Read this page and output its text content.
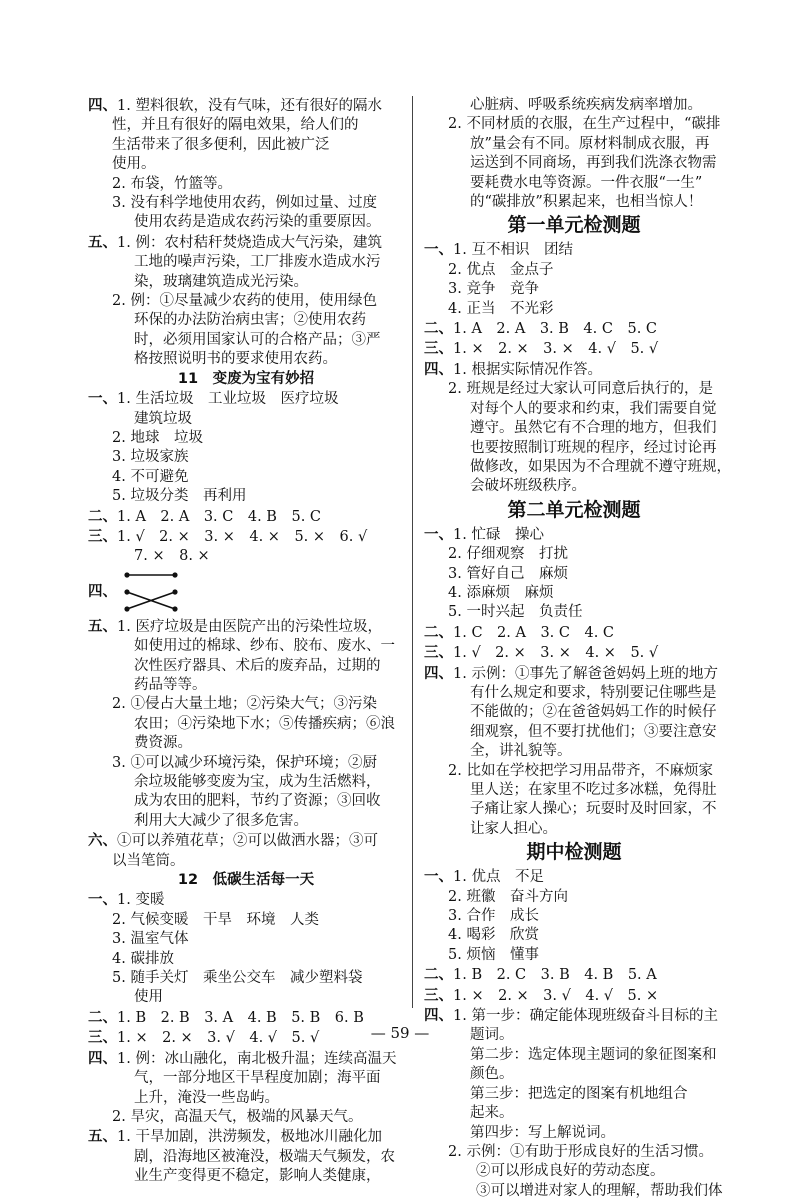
四、1. 塑料很软，没有气味，还有很好的隔水
性，并且有很好的隔电效果，给人们的
生活带来了很多便利，因此被广泛
使用。
2. 布袋，竹篮等。
3. 没有科学地使用农药，例如过量、过度
使用农药是造成农药污染的重要原因。
五、1. 例：农村秸秆焚烧造成大气污染，建筑
工地的噪声污染，工厂排废水造成水污
染，玻璃建筑造成光污染。
2. 例：①尽量减少农药的使用，使用绿色
环保的办法防治病虫害；②使用农药
时，必须用国家认可的合格产品；③严
格按照说明书的要求使用农药。
11　变废为宝有妙招
一、1. 生活垃圾　工业垃圾　医疗垃圾
建筑垃圾
2. 地球　垃圾
3. 垃圾家族
4. 不可避免
5. 垃圾分类　再利用
二、1. A　2. A　3. C　4. B　5. C
三、1. √　2. ×　3. ×　4. ×　5. ×　6. √
7. ×　8. ×
四、
五、1. 医疗垃圾是由医院产出的污染性垃圾，
如使用过的棉球、纱布、胶布、废水、一
次性医疗器具、术后的废弃品，过期的
药品等等。
2. ①侵占大量土地；②污染大气；③污染
农田；④污染地下水；⑤传播疾病；⑥浪
费资源。
3. ①可以减少环境污染，保护环境；②厨
余垃圾能够变废为宝，成为生活燃料，
成为农田的肥料，节约了资源；③回收
利用大大减少了很多危害。
六、①可以养殖花草；②可以做洒水器；③可
以当笔筒。
12　低碳生活每一天
一、1. 变暖
2. 气候变暖　干旱　环境　人类
3. 温室气体
4. 碳排放
5. 随手关灯　乘坐公交车　减少塑料袋
使用
二、1. B　2. B　3. A　4. B　5. B　6. B
三、1. ×　2. ×　3. √　4. √　5. √
四、1. 例：冰山融化，南北极升温；连续高温天
气，一部分地区干旱程度加剧；海平面
上升，淹没一些岛屿。
2. 旱灾，高温天气，极端的风暴天气。
五、1. 干旱加剧，洪涝频发，极地冰川融化加
剧，沿海地区被淹没，极端天气频发，农
业生产变得更不稳定，影响人类健康，
心脏病、呼吸系统疾病发病率增加。
2. 不同材质的衣服，在生产过程中，“碳排
放”量会有不同。原材料制成衣服，再
运送到不同商场，再到我们洗涤衣物需
要耗费水电等资源。一件衣服“一生”
的“碳排放”积累起来，也相当惊人！
第一单元检测题
一、1. 互不相识　团结
2. 优点　金点子
3. 竞争　竞争
4. 正当　不光彩
二、1. A　2. A　3. B　4. C　5. C
三、1. ×　2. ×　3. ×　4. √　5. √
四、1. 根据实际情况作答。
2. 班规是经过大家认可同意后执行的，是
对每个人的要求和约束，我们需要自觉
遵守。虽然它有不合理的地方，但我们
也要按照制订班规的程序，经过讨论再
做修改，如果因为不合理就不遵守班规，
会破坏班级秩序。
第二单元检测题
一、1. 忙碌　操心
2. 仔细观察　打扰
3. 管好自己　麻烦
4. 添麻烦　麻烦
5. 一时兴起　负责任
二、1. C　2. A　3. C　4. C
三、1. √　2. ×　3. ×　4. ×　5. √
四、1. 示例：①事先了解爸爸妈妈上班的地方
有什么规定和要求，特别要记住哪些是
不能做的；②在爸爸妈妈工作的时候仔
细观察，但不要打扰他们；③要注意安
全，讲礼貌等。
2. 比如在学校把学习用品带齐，不麻烦家
里人送；在家里不吃过多冰糕，免得肚
子痛让家人操心；玩耍时及时回家，不
让家人担心。
期中检测题
一、1. 优点　不足
2. 班徽　奋斗方向
3. 合作　成长
4. 喝彩　欣赏
5. 烦恼　懂事
二、1. B　2. C　3. B　4. B　5. A
三、1. ×　2. ×　3. √　4. √　5. ×
四、1. 第一步：确定能体现班级奋斗目标的主
题词。
第二步：选定体现主题词的象征图案和
颜色。
第三步：把选定的图案有机地组合
起来。
第四步：写上解说词。
2. 示例：①有助于形成良好的生活习惯。
②可以形成良好的劳动态度。
③可以增进对家人的理解，帮助我们体
— 59 —
